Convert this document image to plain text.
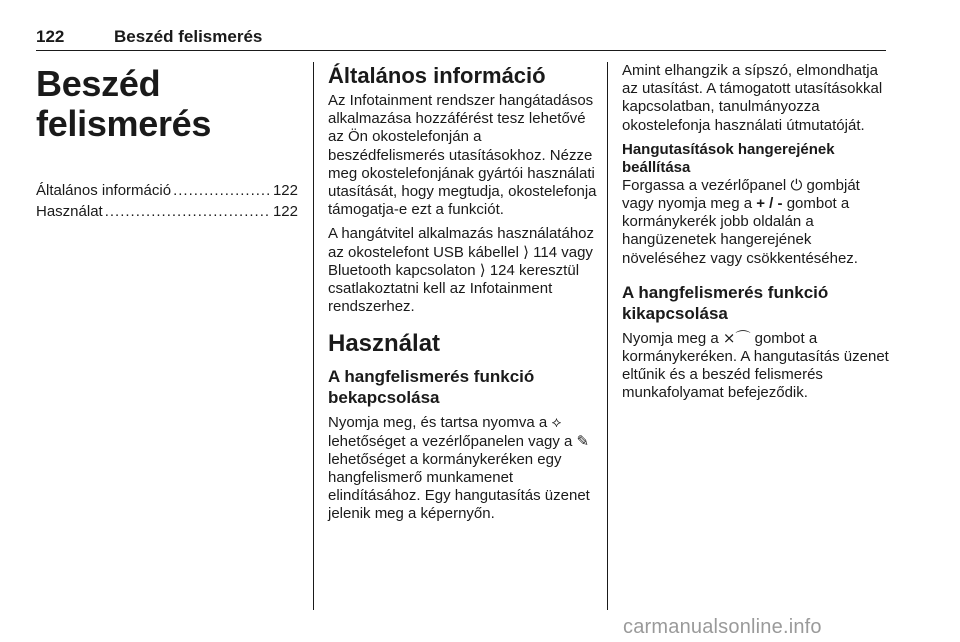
122	Beszéd felismerés
Beszéd felismerés
Általános információ .....	122
Használat .....	122
Általános információ

Az Infotainment rendszer hangátadásos alkalmazása hozzáférést tesz lehetővé az Ön okostelefonján a beszédfelismerés utasításokhoz. Nézze meg okostelefonjának gyártói használati utasítását, hogy megtudja, okostelefonja támogatja-e ezt a funkciót.

A hangátvitel alkalmazás használatához az okostelefont USB kábellel ⟩ 114 vagy Bluetooth kapcsolaton ⟩ 124 keresztül csatlakoztatni kell az Infotainment rendszerhez.

Használat
A hangfelismerés funkció bekapcsolása

Nyomja meg, és tartsa nyomva a ⟡ lehetőséget a vezérlőpanelen vagy a ✎ lehetőséget a kormánykeréken egy hangfelismerő munkamenet elindításához. Egy hangutasítás üzenet jelenik meg a képernyőn.

Amint elhangzik a sípszó, elmondhatja az utasítást. A támogatott utasításokkal kapcsolatban, tanulmányozza okostelefonja használati útmutatóját.

Hangutasítások hangerejének beállítása

Forgassa a vezérlőpanel ⏻ gombját vagy nyomja meg a + / - gombot a kormánykerék jobb oldalán a hangüzenetek hangerejének növeléséhez vagy csökkentéséhez.

A hangfelismerés funkció kikapcsolása

Nyomja meg a ⨯⌒ gombot a kormánykeréken. A hangutasítás üzenet eltűnik és a beszéd felismerés munkafolyamat befejeződik.

carmanualsonline.info
